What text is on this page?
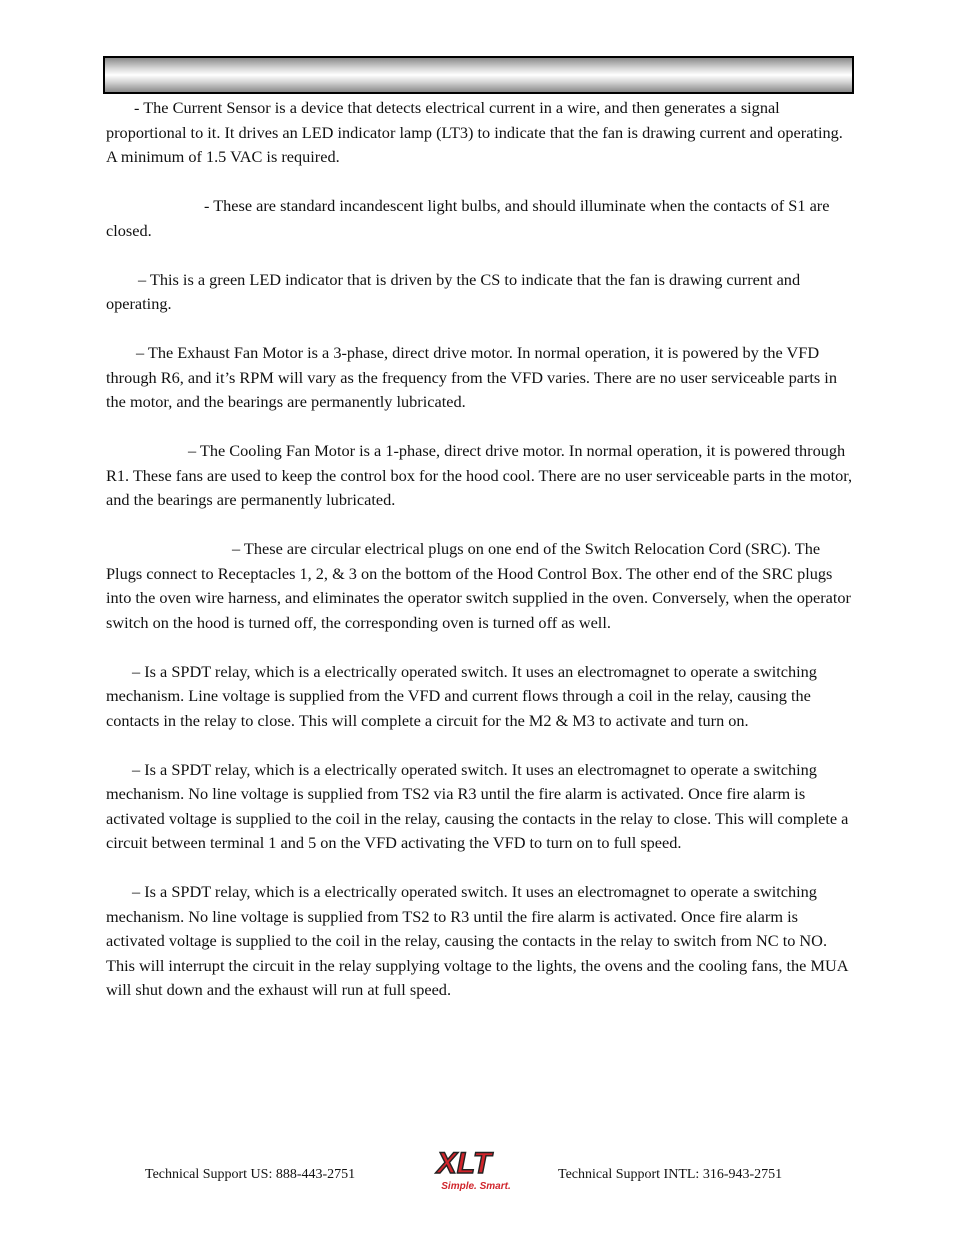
- The Current Sensor is a device that detects electrical current in a wire, and then generates a signal proportional to it. It drives an LED indicator lamp (LT3) to indicate that the fan is drawing current and operating. A minimum of 1.5 VAC is required.

- These are standard incandescent light bulbs, and should illuminate when the contacts of S1 are closed.

– This is a green LED indicator that is driven by the CS to indicate that the fan is drawing current and operating.

– The Exhaust Fan Motor is a 3-phase, direct drive motor. In normal operation, it is powered by the VFD through R6, and it’s RPM will vary as the frequency from the VFD varies. There are no user serviceable parts in the motor, and the bearings are permanently lubricated.

– The Cooling Fan Motor is a 1-phase, direct drive motor. In normal operation, it is powered through R1. These fans are used to keep the control box for the hood cool. There are no user serviceable parts in the motor, and the bearings are permanently lubricated.

– These are circular electrical plugs on one end of the Switch Relocation Cord (SRC). The Plugs connect to Receptacles 1, 2, & 3 on the bottom of the Hood Control Box. The other end of the SRC plugs into the oven wire harness, and eliminates the operator switch supplied in the oven. Conversely, when the operator switch on the hood is turned off, the corresponding oven is turned off as well.

– Is a SPDT relay, which is a electrically operated switch. It uses an electromagnet to operate a switching mechanism. Line voltage is supplied from the VFD and current flows through a coil in the relay, causing the contacts in the relay to close. This will complete a circuit for the M2 & M3 to activate and turn on.

– Is a SPDT relay, which is a electrically operated switch. It uses an electromagnet to operate a switching mechanism. No line voltage is supplied from TS2 via R3 until the fire alarm is activated. Once fire alarm is activated voltage is supplied to the coil in the relay, causing the contacts in the relay to close. This will complete a circuit between terminal 1 and 5 on the VFD activating the VFD to turn on to full speed.

– Is a SPDT relay, which is a electrically operated switch. It uses an electromagnet to operate a switching mechanism. No line voltage is supplied from TS2 to R3 until the fire alarm is activated. Once fire alarm is activated voltage is supplied to the coil in the relay, causing the contacts in the relay to switch from NC to NO. This will interrupt the circuit in the relay supplying voltage to the lights, the ovens and the cooling fans, the MUA will shut down and the exhaust will run at full speed.

Technical Support US: 888-443-2751	XLT
Simple. Smart.
Technical Support INTL: 316-943-2751
